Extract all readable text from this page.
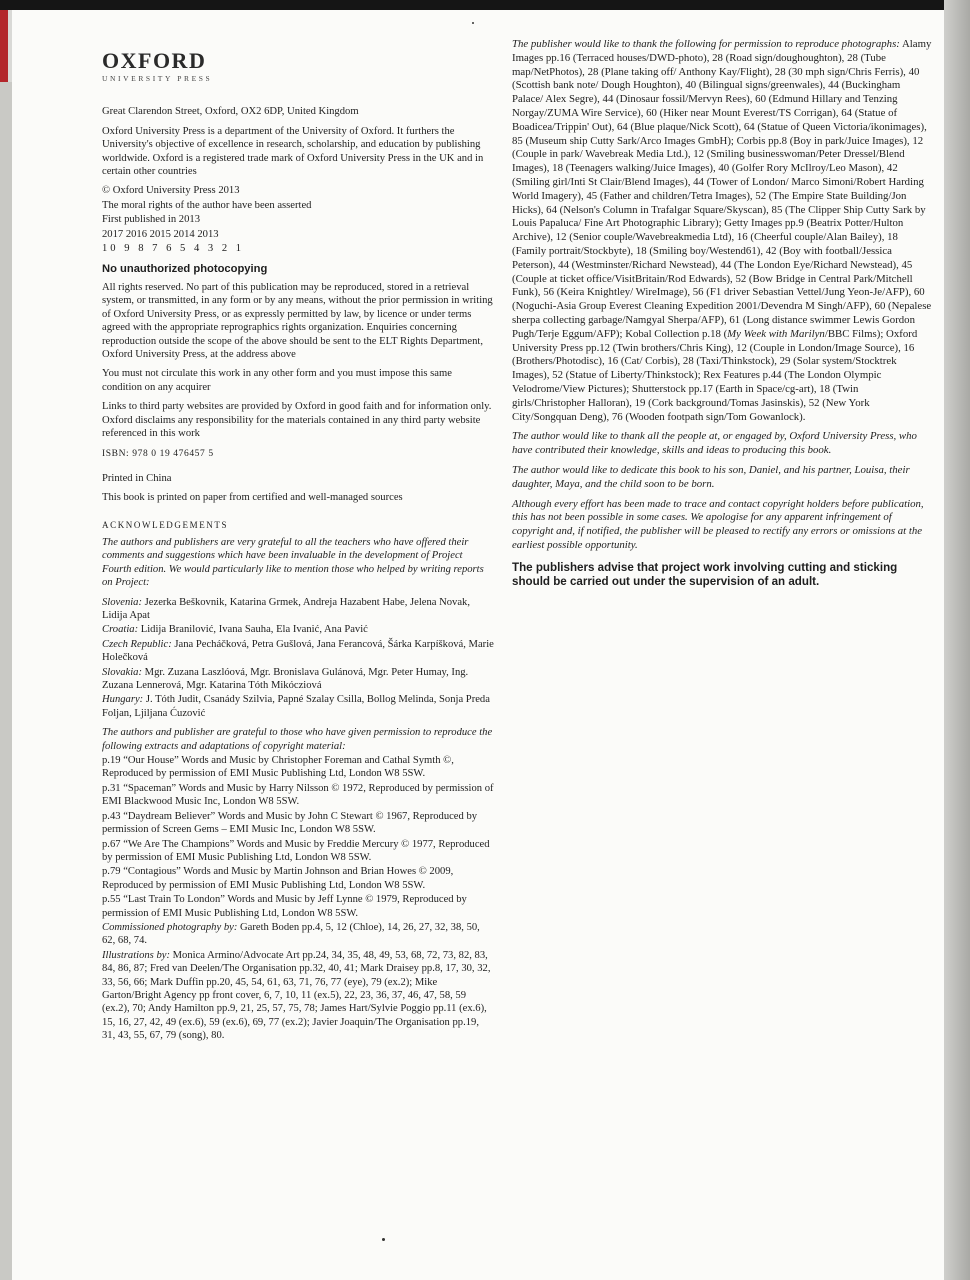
OXFORD
UNIVERSITY PRESS

Great Clarendon Street, Oxford, OX2 6DP, United Kingdom

Oxford University Press is a department of the University of Oxford. It furthers the University's objective of excellence in research, scholarship, and education by publishing worldwide. Oxford is a registered trade mark of Oxford University Press in the UK and in certain other countries

© Oxford University Press 2013

The moral rights of the author have been asserted

First published in 2013

2017 2016 2015 2014 2013

10 9 8 7 6 5 4 3 2 1

No unauthorized photocopying

All rights reserved. No part of this publication may be reproduced, stored in a retrieval system, or transmitted, in any form or by any means, without the prior permission in writing of Oxford University Press, or as expressly permitted by law, by licence or under terms agreed with the appropriate reprographics rights organization. Enquiries concerning reproduction outside the scope of the above should be sent to the ELT Rights Department, Oxford University Press, at the address above

You must not circulate this work in any other form and you must impose this same condition on any acquirer

Links to third party websites are provided by Oxford in good faith and for information only. Oxford disclaims any responsibility for the materials contained in any third party website referenced in this work

ISBN: 978 0 19 476457 5

Printed in China

This book is printed on paper from certified and well-managed sources

ACKNOWLEDGEMENTS

The authors and publishers are very grateful to all the teachers who have offered their comments and suggestions which have been invaluable in the development of Project Fourth edition. We would particularly like to mention those who helped by writing reports on Project:

Slovenia: Jezerka Beškovnik, Katarina Grmek, Andreja Hazabent Habe, Jelena Novak, Lidija Apat

Croatia: Lidija Branilović, Ivana Sauha, Ela Ivanić, Ana Pavić

Czech Republic: Jana Pecháčková, Petra Gušlová, Jana Ferancová, Šárka Karpíšková, Marie Holečková

Slovakia: Mgr. Zuzana Laszlóová, Mgr. Bronislava Gulánová, Mgr. Peter Humay, Ing. Zuzana Lennerová, Mgr. Katarina Tóth Mikócziová

Hungary: J. Tóth Judit, Csanády Szilvia, Papné Szalay Csilla, Bollog Melinda, Sonja Preda Foljan, Ljiljana Ćuzović

The authors and publisher are grateful to those who have given permission to reproduce the following extracts and adaptations of copyright material:

p.19 “Our House” Words and Music by Christopher Foreman and Cathal Symth ©, Reproduced by permission of EMI Music Publishing Ltd, London W8 5SW.

p.31 “Spaceman” Words and Music by Harry Nilsson © 1972, Reproduced by permission of EMI Blackwood Music Inc, London W8 5SW.

p.43 “Daydream Believer” Words and Music by John C Stewart © 1967, Reproduced by permission of Screen Gems – EMI Music Inc, London W8 5SW.

p.67 “We Are The Champions” Words and Music by Freddie Mercury © 1977, Reproduced by permission of EMI Music Publishing Ltd, London W8 5SW.

p.79 “Contagious” Words and Music by Martin Johnson and Brian Howes © 2009, Reproduced by permission of EMI Music Publishing Ltd, London W8 5SW.

p.55 “Last Train To London” Words and Music by Jeff Lynne © 1979, Reproduced by permission of EMI Music Publishing Ltd, London W8 5SW.

Commissioned photography by: Gareth Boden pp.4, 5, 12 (Chloe), 14, 26, 27, 32, 38, 50, 62, 68, 74.

Illustrations by: Monica Armino/Advocate Art pp.24, 34, 35, 48, 49, 53, 68, 72, 73, 82, 83, 84, 86, 87; Fred van Deelen/The Organisation pp.32, 40, 41; Mark Draisey pp.8, 17, 30, 32, 33, 56, 66; Mark Duffin pp.20, 45, 54, 61, 63, 71, 76, 77 (eye), 79 (ex.2); Mike Garton/Bright Agency pp front cover, 6, 7, 10, 11 (ex.5), 22, 23, 36, 37, 46, 47, 58, 59 (ex.2), 70; Andy Hamilton pp.9, 21, 25, 57, 75, 78; James Hart/Sylvie Poggio pp.11 (ex.6), 15, 16, 27, 42, 49 (ex.6), 59 (ex.6), 69, 77 (ex.2); Javier Joaquin/The Organisation pp.19, 31, 43, 55, 67, 79 (song), 80.

The publisher would like to thank the following for permission to reproduce photographs: Alamy Images pp.16 (Terraced houses/DWD-photo), 28 (Road sign/doughoughton), 28 (Tube map/NetPhotos), 28 (Plane taking off/ Anthony Kay/Flight), 28 (30 mph sign/Chris Ferris), 40 (Scottish bank note/ Dough Houghton), 40 (Bilingual signs/greenwales), 44 (Buckingham Palace/ Alex Segre), 44 (Dinosaur fossil/Mervyn Rees), 60 (Edmund Hillary and Tenzing Norgay/ZUMA Wire Service), 60 (Hiker near Mount Everest/TS Corrigan), 64 (Statue of Boadicea/Trippin' Out), 64 (Blue plaque/Nick Scott), 64 (Statue of Queen Victoria/ikonimages), 85 (Museum ship Cutty Sark/Arco Images GmbH); Corbis pp.8 (Boy in park/Juice Images), 12 (Couple in park/ Wavebreak Media Ltd.), 12 (Smiling businesswoman/Peter Dressel/Blend Images), 18 (Teenagers walking/Juice Images), 40 (Golfer Rory McIlroy/Leo Mason), 42 (Smiling girl/Inti St Clair/Blend Images), 44 (Tower of London/ Marco Simoni/Robert Harding World Imagery), 45 (Father and children/Tetra Images), 52 (The Empire State Building/Jon Hicks), 64 (Nelson's Column in Trafalgar Square/Skyscan), 85 (The Clipper Ship Cutty Sark by Louis Papaluca/ Fine Art Photographic Library); Getty Images pp.9 (Beatrix Potter/Hulton Archive), 12 (Senior couple/Wavebreakmedia Ltd), 16 (Cheerful couple/Alan Bailey), 18 (Family portrait/Stockbyte), 18 (Smiling boy/Westend61), 42 (Boy with football/Jessica Peterson), 44 (Westminster/Richard Newstead), 44 (The London Eye/Richard Newstead), 45 (Couple at ticket office/VisitBritain/Rod Edwards), 52 (Bow Bridge in Central Park/Mitchell Funk), 56 (Keira Knightley/ WireImage), 56 (F1 driver Sebastian Vettel/Jung Yeon-Je/AFP), 60 (Noguchi-Asia Group Everest Cleaning Expedition 2001/Devendra M Singh/AFP), 60 (Nepalese sherpa collecting garbage/Namgyal Sherpa/AFP), 61 (Long distance swimmer Lewis Gordon Pugh/Terje Eggum/AFP); Kobal Collection p.18 (My Week with Marilyn/BBC Films); Oxford University Press pp.12 (Twin brothers/Chris King), 12 (Couple in London/Image Source), 16 (Brothers/Photodisc), 16 (Cat/ Corbis), 28 (Taxi/Thinkstock), 29 (Solar system/Stocktrek Images), 52 (Statue of Liberty/Thinkstock); Rex Features p.44 (The London Olympic Velodrome/View Pictures); Shutterstock pp.17 (Earth in Space/cg-art), 18 (Twin girls/Christopher Halloran), 19 (Cork background/Tomas Jasinskis), 52 (New York City/Songquan Deng), 76 (Wooden footpath sign/Tom Gowanlock).

The author would like to thank all the people at, or engaged by, Oxford University Press, who have contributed their knowledge, skills and ideas to producing this book.

The author would like to dedicate this book to his son, Daniel, and his partner, Louisa, their daughter, Maya, and the child soon to be born.

Although every effort has been made to trace and contact copyright holders before publication, this has not been possible in some cases. We apologise for any apparent infringement of copyright and, if notified, the publisher will be pleased to rectify any errors or omissions at the earliest possible opportunity.

The publishers advise that project work involving cutting and sticking should be carried out under the supervision of an adult.
